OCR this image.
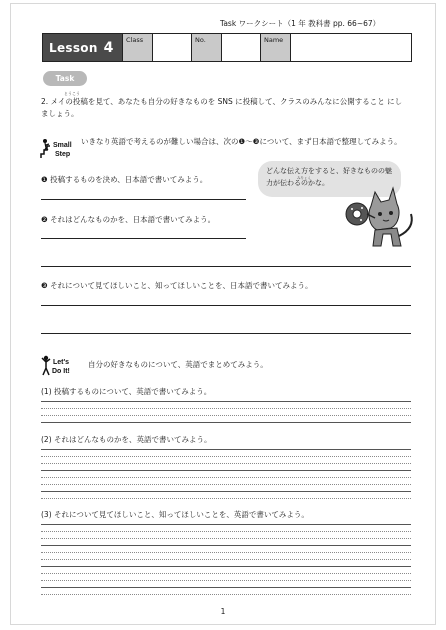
Task ワークシート（1 年 教科書 pp. 66~67）
Lesson 4	Class	No.	Name
Task
とうこう
2. メイの投稿を見て、あなたも自分の好きなものを SNS に投稿して、クラスのみんなに公開すること にしましょう。
Small
Step
いきなり英語で考えるのが難しい場合は、次の❶～❸について、まず日本語で整理してみよう。
❶ 投稿するものを決め、日本語で書いてみよう。
❷ それはどんなものかを、日本語で書いてみよう。
どんな伝え方をすると、好きなものの魅力が伝わるのかな。
みりょく
❸ それについて見てほしいこと、知ってほしいことを、日本語で書いてみよう。
Let's
Do It!
自分の好きなものについて、英語でまとめてみよう。
(1) 投稿するものについて、英語で書いてみよう。
(2) それはどんなものかを、英語で書いてみよう。
(3) それについて見てほしいこと、知ってほしいことを、英語で書いてみよう。
1
